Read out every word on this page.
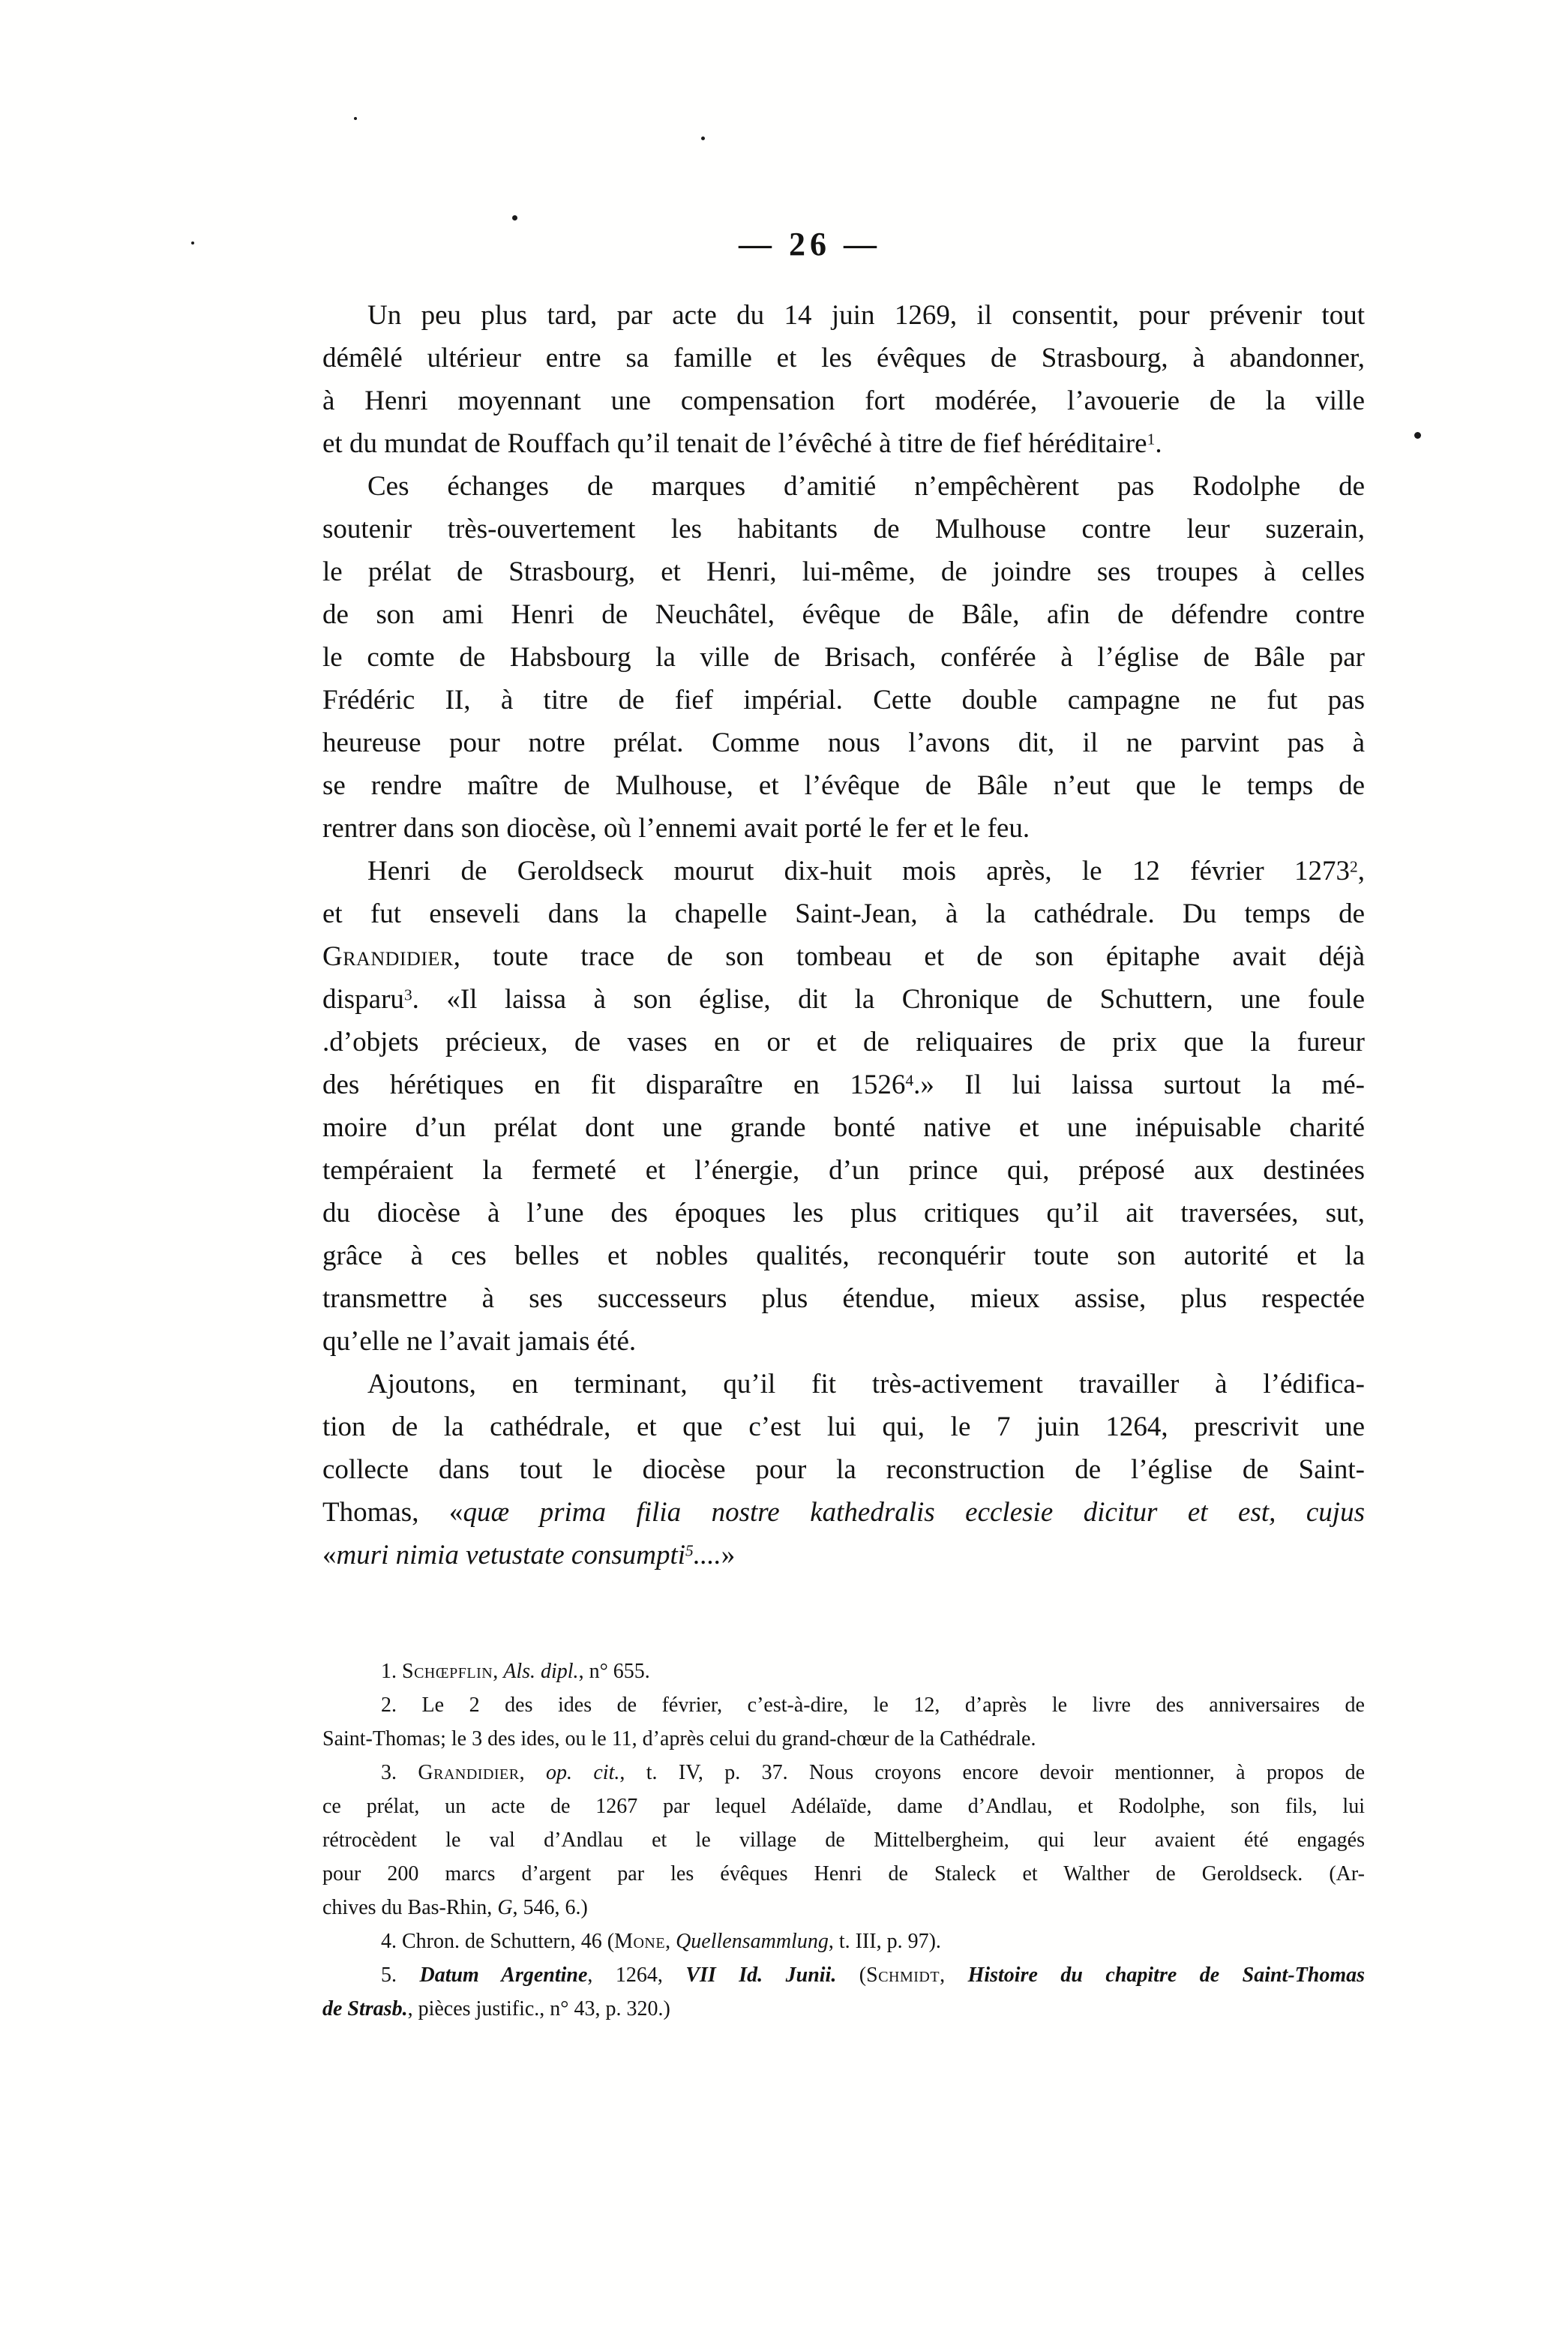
— 26 —
Un peu plus tard, par acte du 14 juin 1269, il consentit, pour prévenir tout
démêlé ultérieur entre sa famille et les évêques de Strasbourg, à abandonner,
à Henri moyennant une compensation fort modérée, l’avouerie de la ville
et du mundat de Rouffach qu’il tenait de l’évêché à titre de fief héréditaire$^1$.
Ces échanges de marques d’amitié n’empêchèrent pas Rodolphe de
soutenir très-ouvertement les habitants de Mulhouse contre leur suzerain,
le prélat de Strasbourg, et Henri, lui-même, de joindre ses troupes à celles
de son ami Henri de Neuchâtel, évêque de Bâle, afin de défendre contre
le comte de Habsbourg la ville de Brisach, conférée à l’église de Bâle par
Frédéric II, à titre de fief impérial. Cette double campagne ne fut pas
heureuse pour notre prélat. Comme nous l’avons dit, il ne parvint pas à
se rendre maître de Mulhouse, et l’évêque de Bâle n’eut que le temps de
rentrer dans son diocèse, où l’ennemi avait porté le fer et le feu.
Henri de Geroldseck mourut dix-huit mois après, le 12 février 1273$^2$,
et fut enseveli dans la chapelle Saint-Jean, à la cathédrale. Du temps de
Grandidier, toute trace de son tombeau et de son épitaphe avait déjà
disparu$^3$. «Il laissa à son église, dit la Chronique de Schuttern, une foule
.d’objets précieux, de vases en or et de reliquaires de prix que la fureur
des hérétiques en fit disparaître en 1526$^4$.» Il lui laissa surtout la mé-
moire d’un prélat dont une grande bonté native et une inépuisable charité
tempéraient la fermeté et l’énergie, d’un prince qui, préposé aux destinées
du diocèse à l’une des époques les plus critiques qu’il ait traversées, sut,
grâce à ces belles et nobles qualités, reconquérir toute son autorité et la
transmettre à ses successeurs plus étendue, mieux assise, plus respectée
qu’elle ne l’avait jamais été.
Ajoutons, en terminant, qu’il fit très-activement travailler à l’édifica-
tion de la cathédrale, et que c’est lui qui, le 7 juin 1264, prescrivit une
collecte dans tout le diocèse pour la reconstruction de l’église de Saint-
Thomas, «quæ prima filia nostre kathedralis ecclesie dicitur et est, cujus
«muri nimia vetustate consumpti$^5$....»
1. Schœpflin, Als. dipl., n° 655.
2. Le 2 des ides de février, c’est-à-dire, le 12, d’après le livre des anniversaires de
Saint-Thomas; le 3 des ides, ou le 11, d’après celui du grand-chœur de la Cathédrale.
3. Grandidier, op. cit., t. IV, p. 37. Nous croyons encore devoir mentionner, à propos de
ce prélat, un acte de 1267 par lequel Adélaïde, dame d’Andlau, et Rodolphe, son fils, lui
rétrocèdent le val d’Andlau et le village de Mittelbergheim, qui leur avaient été engagés
pour 200 marcs d’argent par les évêques Henri de Staleck et Walther de Geroldseck. (Ar-
chives du Bas-Rhin, G, 546, 6.)
4. Chron. de Schuttern, 46 (Mone, Quellensammlung, t. III, p. 97).
5. Datum Argentine, 1264, VII Id. Junii. (Schmidt, Histoire du chapitre de Saint-Thomas
de Strasb., pièces justific., n° 43, p. 320.)
